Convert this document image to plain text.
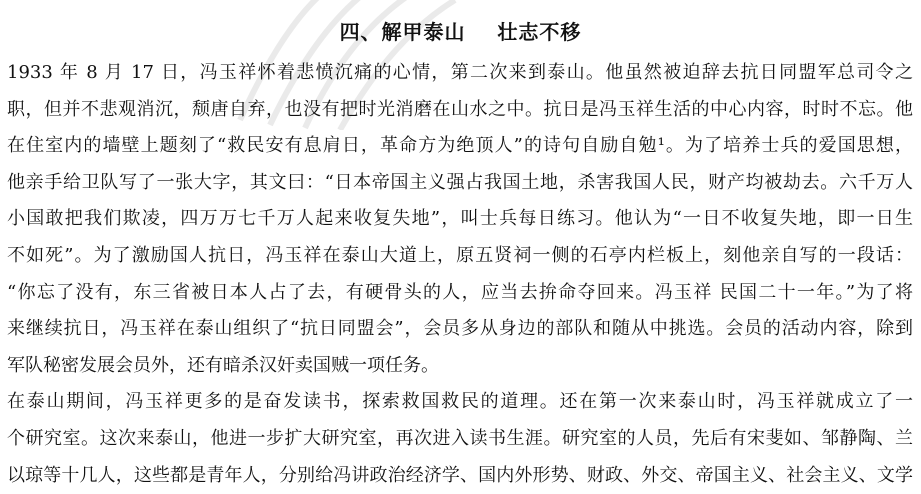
四、解甲泰山    壮志不移
1933 年 8 月 17 日，冯玉祥怀着悲愤沉痛的心情，第二次来到泰山。他虽然被迫辞去抗日同盟军总司令之
职，但并不悲观消沉，颓唐自弃，也没有把时光消磨在山水之中。抗日是冯玉祥生活的中心内容，时时不忘。他
在住室内的墙壁上题刻了“救民安有息肩日，革命方为绝顶人”的诗句自励自勉¹。为了培养士兵的爱国思想，
他亲手给卫队写了一张大字，其文曰：“日本帝国主义强占我国土地，杀害我国人民，财产均被劫去。六千万人
小国敢把我们欺凌，四万万七千万人起来收复失地”，叫士兵每日练习。他认为“一日不收复失地，即一日生
不如死”。为了激励国人抗日，冯玉祥在泰山大道上，原五贤祠一侧的石亭内栏板上，刻他亲自写的一段话：
“你忘了没有，东三省被日本人占了去，有硬骨头的人，应当去拚命夺回来。冯玉祥 民国二十一年。”为了将
来继续抗日，冯玉祥在泰山组织了“抗日同盟会”，会员多从身边的部队和随从中挑选。会员的活动内容，除到
军队秘密发展会员外，还有暗杀汉奸卖国贼一项任务。
在泰山期间，冯玉祥更多的是奋发读书，探索救国救民的道理。还在第一次来泰山时，冯玉祥就成立了一
个研究室。这次来泰山，他进一步扩大研究室，再次进入读书生涯。研究室的人员，先后有宋斐如、邹静陶、兰
以琼等十几人，这些都是青年人，分别给冯讲政治经济学、国内外形势、财政、外交、帝国主义、社会主义、文学
